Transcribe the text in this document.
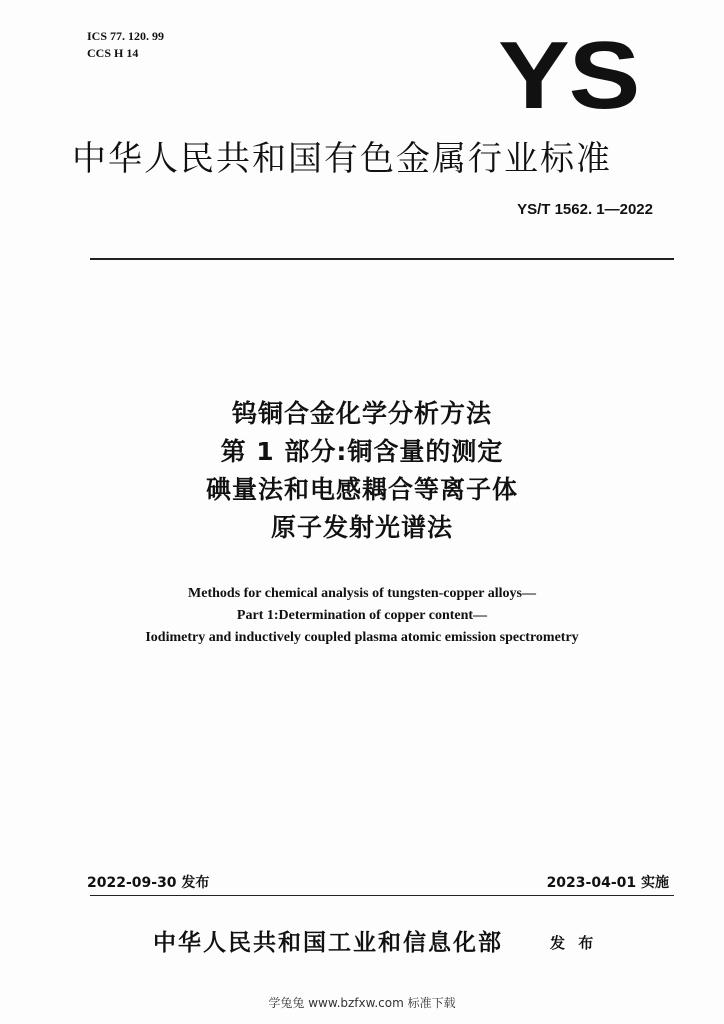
ICS 77. 120. 99
CCS H 14	YS
中华人民共和国有色金属行业标准
YS/T 1562. 1—2022
钨铜合金化学分析方法
第 1 部分:铜含量的测定
碘量法和电感耦合等离子体
原子发射光谱法
Methods for chemical analysis of tungsten-copper alloys—
Part 1:Determination of copper content—
Iodimetry and inductively coupled plasma atomic emission spectrometry
2022-09-30 发布	2023-04-01 实施
中华人民共和国工业和信息化部	发 布
学兔兔 www.bzfxw.com 标准下载
